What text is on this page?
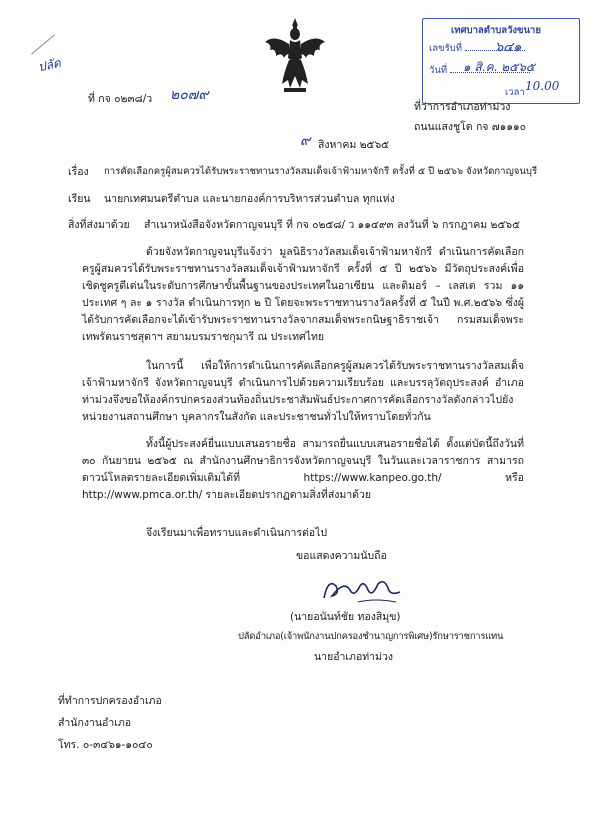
ปลัด
เทศบาลตำบลวังขนาย
เลขรับที่	๖๔๑
วันที่	๑ สิ.ค. ๒๕๖๕
เวลา 10.00
ที่ กจ ๐๒๓๘/ว ๒๐๗๙
ที่ว่าการอำเภอท่าม่วง
ถนนแสงชูโต กจ ๗๑๑๑๐
๙ สิงหาคม ๒๕๖๕
เรื่อง การคัดเลือกครูผู้สมควรได้รับพระราชทานรางวัลสมเด็จเจ้าฟ้ามหาจักรี ครั้งที่ ๕ ปี ๒๕๖๖ จังหวัดกาญจนบุรี
เรียน นายกเทศมนตรีตำบล และนายกองค์การบริหารส่วนตำบล ทุกแห่ง
สิ่งที่ส่งมาด้วย สำเนาหนังสือจังหวัดกาญจนบุรี ที่ กจ ๐๒๕๘/ ว ๑๑๔๙๓ ลงวันที่ ๖ กรกฎาคม ๒๕๖๕
ด้วยจังหวัดกาญจนบุรีแจ้งว่า มูลนิธิรางวัลสมเด็จเจ้าฟ้ามหาจักรี ดำเนินการคัดเลือกครูผู้สมควรได้รับพระราชทานรางวัลสมเด็จเจ้าฟ้ามหาจักรี ครั้งที่ ๕ ปี ๒๕๖๖ มีวัตถุประสงค์เพื่อเชิดชูครูดีเด่นในระดับการศึกษาขั้นพื้นฐานของประเทศในอาเซียน และติมอร์ – เลสเต รวม ๑๑ ประเทศ ๆ ละ ๑ รางวัล ดำเนินการทุก ๒ ปี โดยจะพระราชทานรางวัลครั้งที่ ๕ ในปี พ.ศ.๒๕๖๖ ซึ่งผู้ได้รับการคัดเลือกจะได้เข้ารับพระราชทานรางวัลจากสมเด็จพระกนิษฐาธิราชเจ้า กรมสมเด็จพระเทพรัตนราชสุดาฯ สยามบรมราชกุมารี ณ ประเทศไทย
ในการนี้ เพื่อให้การดำเนินการคัดเลือกครูผู้สมควรได้รับพระราชทานรางวัลสมเด็จเจ้าฟ้ามหาจักรี จังหวัดกาญจนบุรี ดำเนินการไปด้วยความเรียบร้อย และบรรลุวัตถุประสงค์ อำเภอท่าม่วงจึงขอให้องค์กรปกครองส่วนท้องถิ่นประชาสัมพันธ์ประกาศการคัดเลือกรางวัลดังกล่าวไปยังหน่วยงานสถานศึกษา บุคลากรในสังกัด และประชาชนทั่วไปให้ทราบโดยทั่วกัน
ทั้งนี้ผู้ประสงค์ยื่นแบบเสนอรายชื่อ สามารถยื่นแบบเสนอรายชื่อได้ ตั้งแต่บัดนี้ถึงวันที่ ๓๐ กันยายน ๒๕๖๕ ณ สำนักงานศึกษาธิการจังหวัดกาญจนบุรี ในวันและเวลาราชการ สามารถดาวน์โหลดรายละเอียดเพิ่มเติมได้ที่ https://www.kanpeo.go.th/ หรือ http://www.pmca.or.th/ รายละเอียดปรากฏตามสิ่งที่ส่งมาด้วย
จึงเรียนมาเพื่อทราบและดำเนินการต่อไป
ขอแสดงความนับถือ
(นายอนันท์ชัย ทองสิมุข)
ปลัดอำเภอ(เจ้าพนักงานปกครองชำนาญการพิเศษ)รักษาราชการแทน
นายอำเภอท่าม่วง
ที่ทำการปกครองอำเภอ
สำนักงานอำเภอ
โทร. ๐-๓๔๖๑-๑๐๔๐
